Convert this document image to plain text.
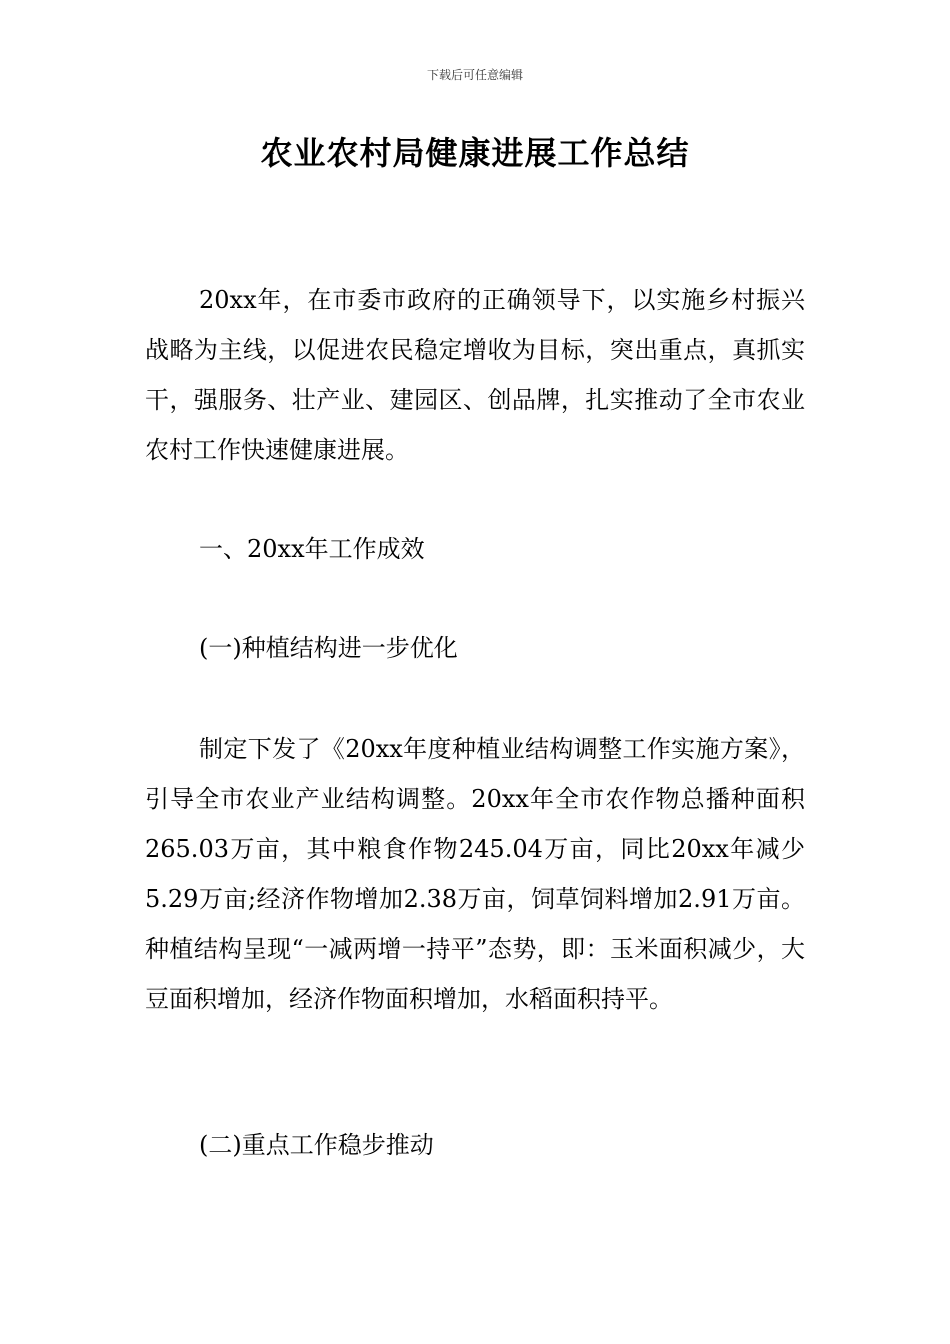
下载后可任意编辑
农业农村局健康进展工作总结

20xx年，在市委市政府的正确领导下，以实施乡村振兴战略为主线，以促进农民稳定增收为目标，突出重点，真抓实干，强服务、壮产业、建园区、创品牌，扎实推动了全市农业农村工作快速健康进展。

一、20xx年工作成效

(一)种植结构进一步优化

制定下发了《20xx年度种植业结构调整工作实施方案》，引导全市农业产业结构调整。20xx年全市农作物总播种面积265.03万亩，其中粮食作物245.04万亩，同比20xx年减少5.29万亩;经济作物增加2.38万亩，饲草饲料增加2.91万亩。种植结构呈现“一减两增一持平”态势，即：玉米面积减少，大豆面积增加，经济作物面积增加，水稻面积持平。

(二)重点工作稳步推动
